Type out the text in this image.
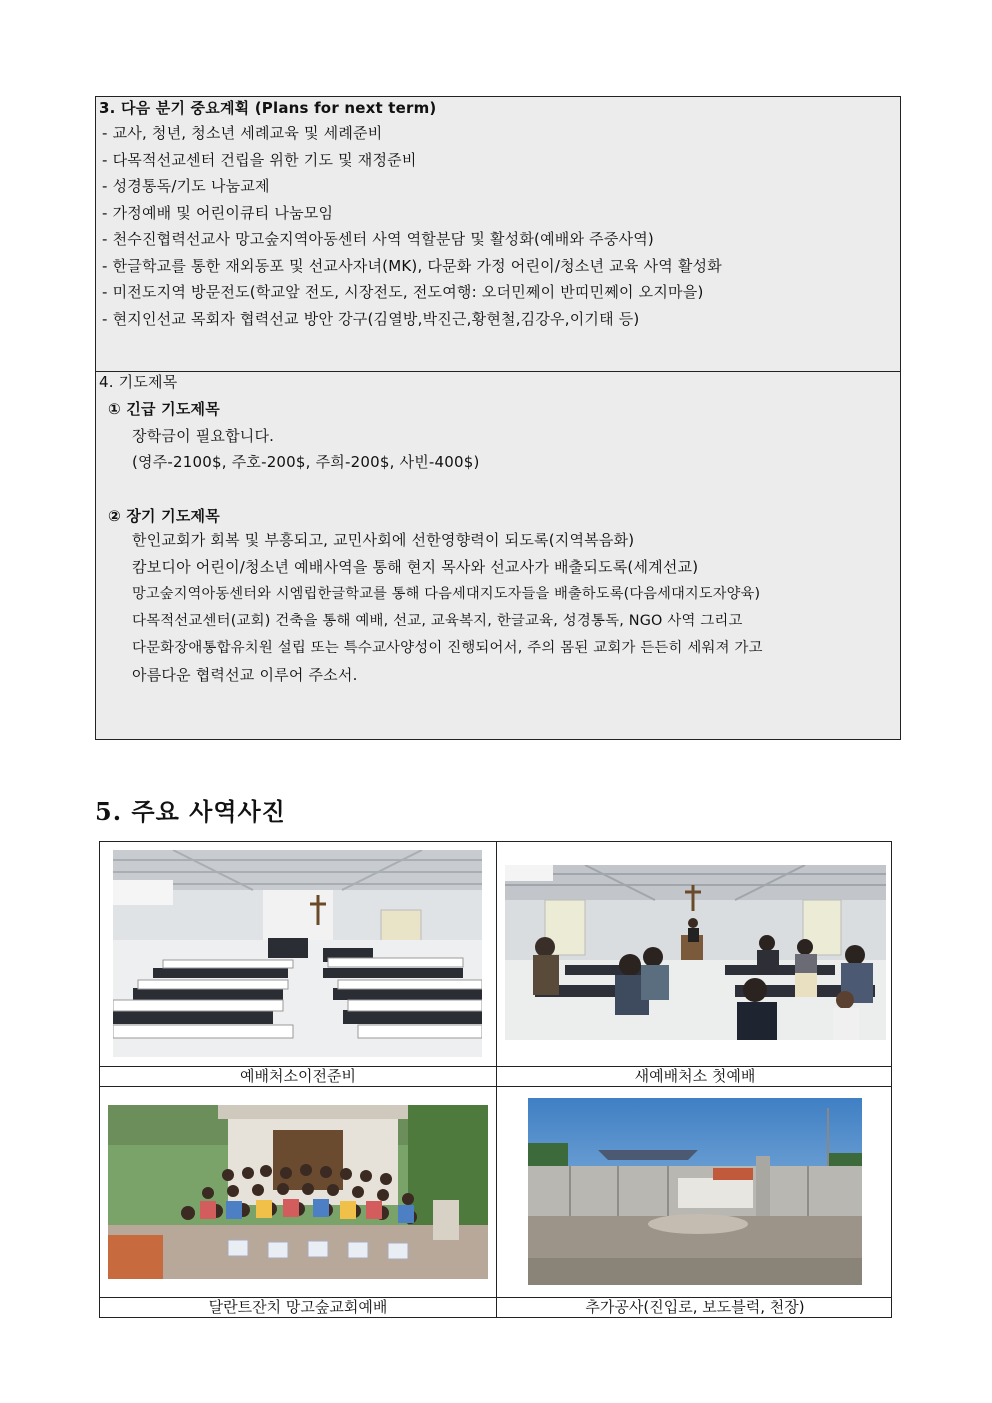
3. 다음 분기 중요계획 (Plans for next term)
- 교사, 청년, 청소년 세례교육 및 세례준비
- 다목적선교센터 건립을 위한 기도 및 재정준비
- 성경통독/기도 나눔교제
- 가정예배 및 어린이큐티 나눔모임
- 천수진협력선교사 망고숲지역아동센터 사역 역할분담 및 활성화(예배와 주중사역)
- 한글학교를 통한 재외동포 및 선교사자녀(MK), 다문화 가정 어린이/청소년 교육 사역 활성화
- 미전도지역 방문전도(학교앞 전도, 시장전도, 전도여행: 오더민쩨이 반띠민쩨이 오지마을)
- 현지인선교 목회자 협력선교 방안 강구(김열방,박진근,황현철,김강우,이기태 등)
4. 기도제목
① 긴급 기도제목
장학금이 필요합니다.
(영주-2100$, 주호-200$, 주희-200$, 사빈-400$)
② 장기 기도제목
한인교회가 회복 및 부흥되고, 교민사회에 선한영향력이 되도록(지역복음화)
캄보디아 어린이/청소년 예배사역을 통해 현지 목사와 선교사가 배출되도록(세계선교)
망고숲지역아동센터와 시엠립한글학교를 통해 다음세대지도자들을 배출하도록(다음세대지도자양육)
다목적선교센터(교회) 건축을 통해 예배, 선교, 교육복지, 한글교육, 성경통독, NGO 사역 그리고
다문화장애통합유치원 설립 또는 특수교사양성이 진행되어서, 주의 몸된 교회가 든든히 세워져 가고
아름다운 협력선교 이루어 주소서.
5. 주요 사역사진
예배처소이전준비	새예배처소 첫예배
달란트잔치 망고숲교회예배	추가공사(진입로, 보도블럭, 천장)
